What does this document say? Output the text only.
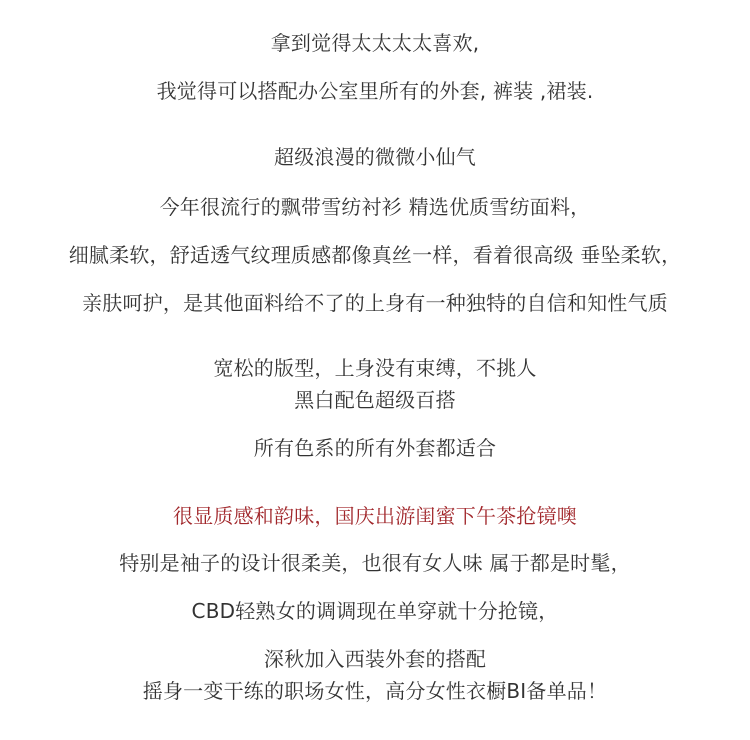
拿到觉得太太太太喜欢,
我觉得可以搭配办公室里所有的外套, 裤装 ,裙装.
超级浪漫的微微小仙气
今年很流行的飘带雪纺衬衫 精选优质雪纺面料，
细腻柔软，舒适透气纹理质感都像真丝一样，看着很高级 垂坠柔软，
亲肤呵护，是其他面料给不了的上身有一种独特的自信和知性气质
宽松的版型，上身没有束缚，不挑人
黑白配色超级百搭
所有色系的所有外套都适合
很显质感和韵味，国庆出游闺蜜下午茶抢镜噢
特别是袖子的设计很柔美，也很有女人味 属于都是时髦，
CBD轻熟女的调调现在单穿就十分抢镜，
深秋加入西装外套的搭配
摇身一变干练的职场女性，高分女性衣橱BI备单品！
